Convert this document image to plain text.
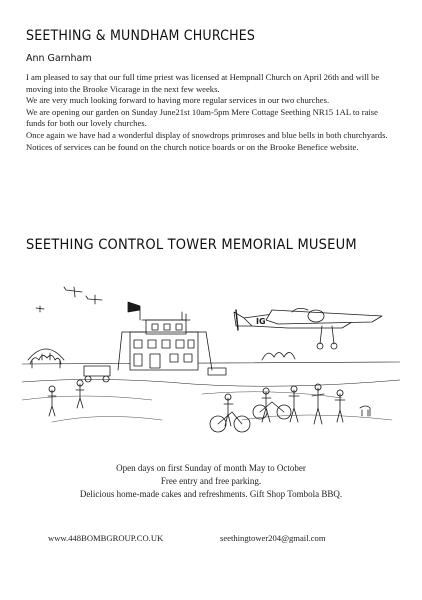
SEETHING & MUNDHAM CHURCHES
Ann Garnham

I am pleased to say that our full time priest was licensed at Hempnall Church on April 26th and will be moving into the Brooke Vicarage in the next few weeks.

We are very much looking forward to having more regular services in our two churches.

We are opening our garden on Sunday June21st 10am-5pm Mere Cottage Seething NR15 1AL to raise funds for both our lovely churches.

Once again we have had a wonderful display of snowdrops primroses and blue bells in both churchyards.

Notices of services can be found on the church notice boards or on the Brooke Benefice website.

SEETHING CONTROL TOWER MEMORIAL MUSEUM
IG
Open days on first Sunday of month May to October
Free entry and free parking.
Delicious home-made cakes and refreshments. Gift Shop Tombola BBQ.
www.448BOMBGROUP.CO.UK	seethingtower204@gmail.com
